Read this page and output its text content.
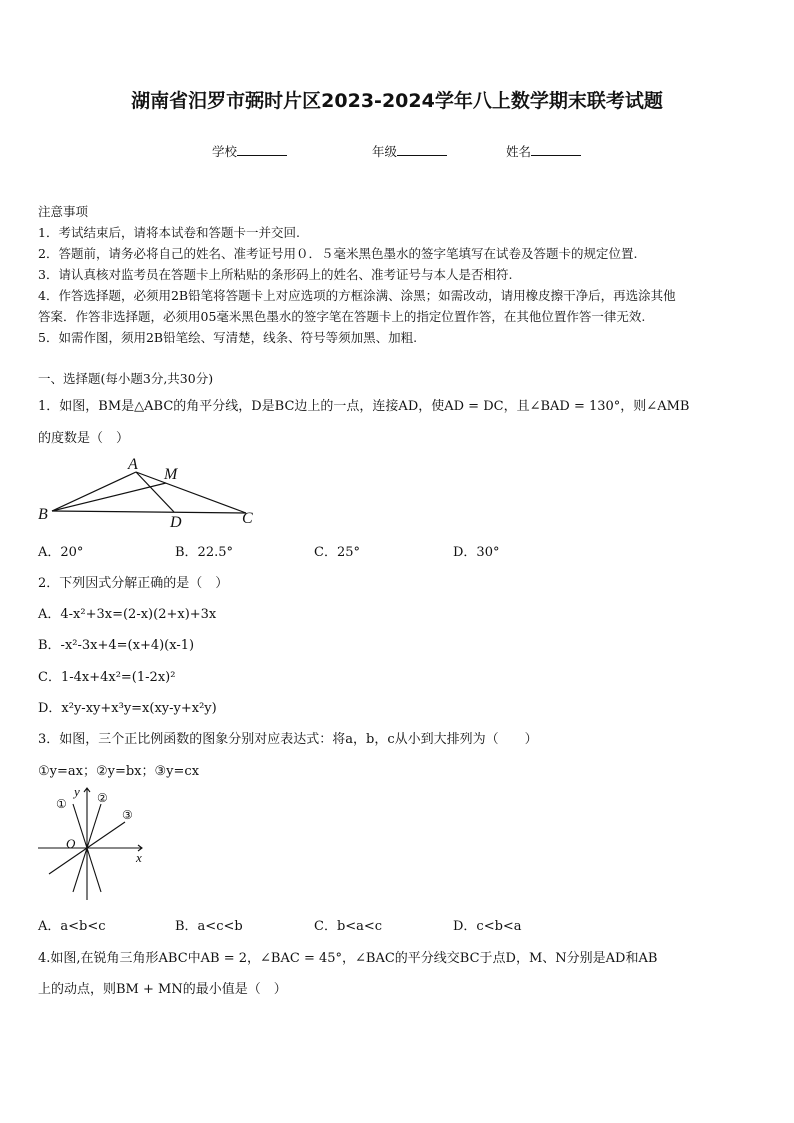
湖南省汨罗市弼时片区2023-2024学年八上数学期末联考试题
学校	年级	姓名
注意事项
1．考试结束后，请将本试卷和答题卡一并交回.
2．答题前，请务必将自己的姓名、准考证号用０．５毫米黑色墨水的签字笔填写在试卷及答题卡的规定位置.
3．请认真核对监考员在答题卡上所粘贴的条形码上的姓名、准考证号与本人是否相符.
4．作答选择题，必须用2B铅笔将答题卡上对应选项的方框涂满、涂黑；如需改动，请用橡皮擦干净后，再选涂其他
答案．作答非选择题，必须用05毫米黑色墨水的签字笔在答题卡上的指定位置作答，在其他位置作答一律无效.
5．如需作图，须用2B铅笔绘、写清楚，线条、符号等须加黑、加粗.
一、选择题(每小题3分,共30分)
1．如图，BM是△ABC的角平分线，D是BC边上的一点，连接AD，使AD = DC，且∠BAD = 130°，则∠AMB
的度数是（　）
A
M
B	D	C
A．20°	B．22.5°	C．25°	D．30°
2．下列因式分解正确的是（　）
A．4-x²+3x=(2-x)(2+x)+3x
B．-x²-3x+4=(x+4)(x-1)
C．1-4x+4x²=(1-2x)²
D．x²y-xy+x³y=x(xy-y+x²y)
3．如图，三个正比例函数的图象分别对应表达式：将a，b，c从小到大排列为（　　）
①y=ax；②y=bx；③y=cx
①	②
③
y
x
O
A．a<b<c	B．a<c<b	C．b<a<c	D．c<b<a
4.如图,在锐角三角形ABC中AB = 2，∠BAC = 45°，∠BAC的平分线交BC于点D，M、N分别是AD和AB
上的动点，则BM + MN的最小值是（　）
